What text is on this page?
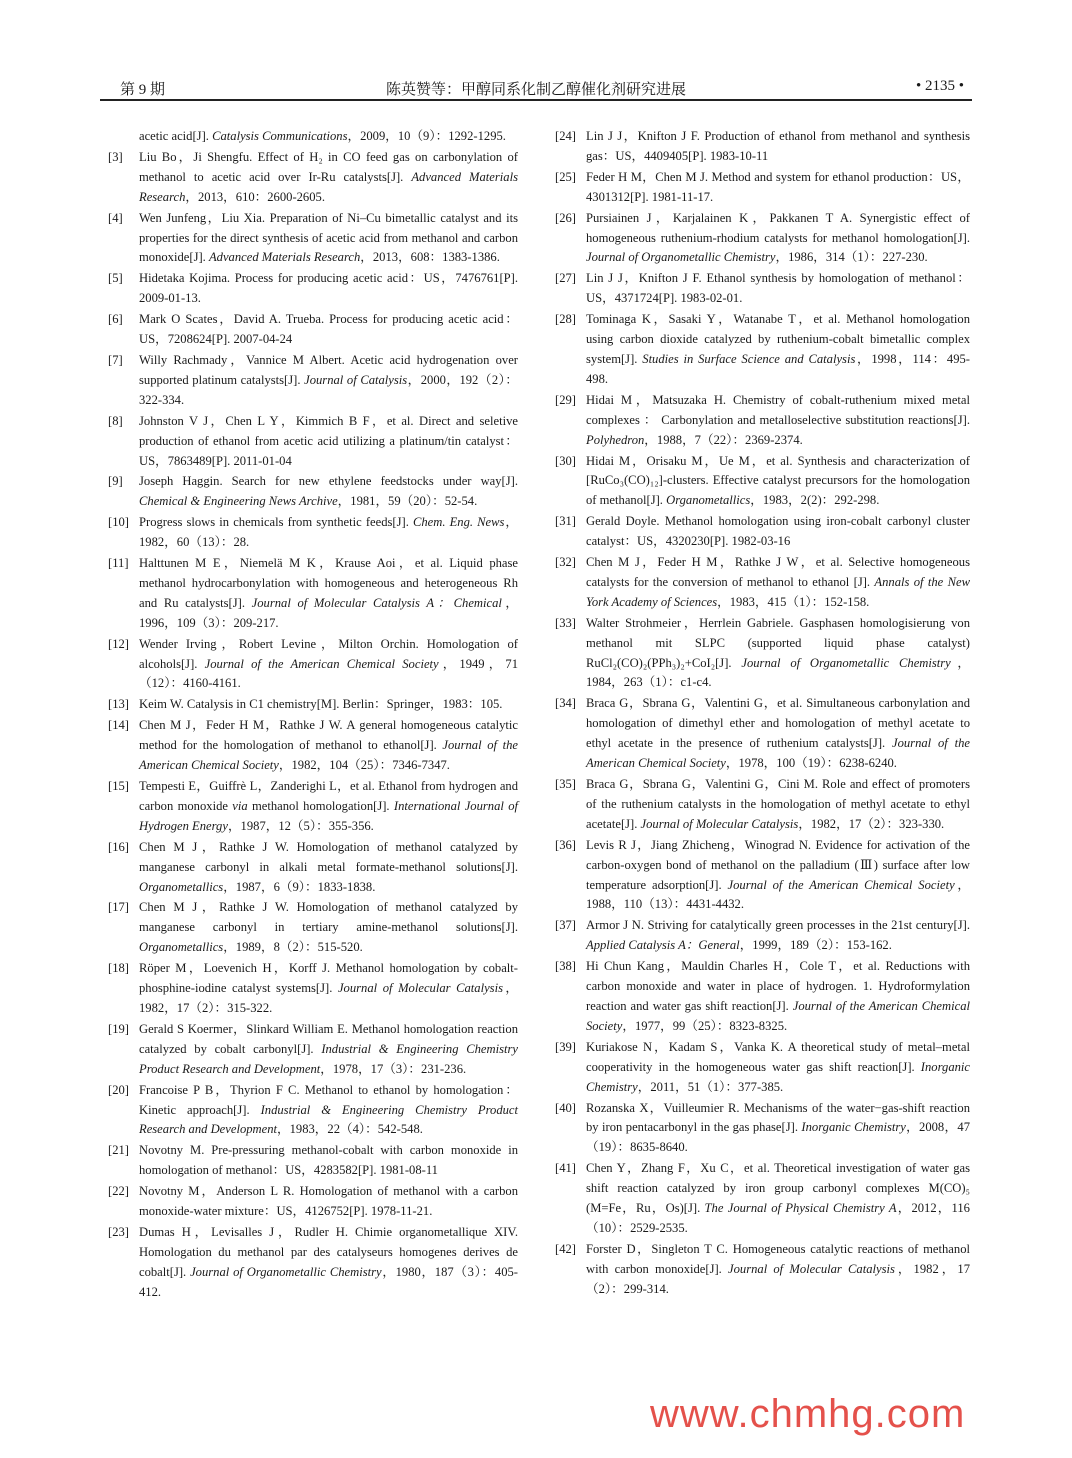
第 9 期	陈英赞等：甲醇同系化制乙醇催化剂研究进展	• 2135 •
acetic acid[J]. Catalysis Communications，2009，10（9）：1292-1295.
[3] Liu Bo，Ji Shengfu. Effect of H₂ in CO feed gas on carbonylation of methanol to acetic acid over Ir-Ru catalysts[J]. Advanced Materials Research，2013，610：2600-2605.
[4] Wen Junfeng，Liu Xia. Preparation of Ni–Cu bimetallic catalyst and its properties for the direct synthesis of acetic acid from methanol and carbon monoxide[J]. Advanced Materials Research，2013，608：1383-1386.
[5] Hidetaka Kojima. Process for producing acetic acid：US，7476761[P]. 2009-01-13.
[6] Mark O Scates，David A. Trueba. Process for producing acetic acid：US，7208624[P]. 2007-04-24
[7] Willy Rachmady，Vannice M Albert. Acetic acid hydrogenation over supported platinum catalysts[J]. Journal of Catalysis，2000，192（2）：322-334.
[8] Johnston V J，Chen L Y，Kimmich B F，et al. Direct and seletive production of ethanol from acetic acid utilizing a platinum/tin catalyst：US，7863489[P]. 2011-01-04
[9] Joseph Haggin. Search for new ethylene feedstocks under way[J]. Chemical & Engineering News Archive，1981，59（20）：52-54.
[10] Progress slows in chemicals from synthetic feeds[J]. Chem. Eng. News，1982，60（13）：28.
[11] Halttunen M E，Niemelä M K，Krause Aoi，et al. Liquid phase methanol hydrocarbonylation with homogeneous and heterogeneous Rh and Ru catalysts[J]. Journal of Molecular Catalysis A：Chemical，1996，109（3）：209-217.
[12] Wender Irving，Robert Levine，Milton Orchin. Homologation of alcohols[J]. Journal of the American Chemical Society，1949，71（12）：4160-4161.
[13] Keim W. Catalysis in C1 chemistry[M]. Berlin：Springer，1983：105.
[14] Chen M J，Feder H M，Rathke J W. A general homogeneous catalytic method for the homologation of methanol to ethanol[J]. Journal of the American Chemical Society，1982，104（25）：7346-7347.
[15] Tempesti E，Guiffrè L，Zanderighi L，et al. Ethanol from hydrogen and carbon monoxide via methanol homologation[J]. International Journal of Hydrogen Energy，1987，12（5）：355-356.
[16] Chen M J，Rathke J W. Homologation of methanol catalyzed by manganese carbonyl in alkali metal formate-methanol solutions[J]. Organometallics，1987，6（9）：1833-1838.
[17] Chen M J，Rathke J W. Homologation of methanol catalyzed by manganese carbonyl in tertiary amine-methanol solutions[J]. Organometallics，1989，8（2）：515-520.
[18] Röper M，Loevenich H，Korff J. Methanol homologation by cobalt-phosphine-iodine catalyst systems[J]. Journal of Molecular Catalysis，1982，17（2）：315-322.
[19] Gerald S Koermer，Slinkard William E. Methanol homologation reaction catalyzed by cobalt carbonyl[J]. Industrial & Engineering Chemistry Product Research and Development，1978，17（3）：231-236.
[20] Francoise P B，Thyrion F C. Methanol to ethanol by homologation：Kinetic approach[J]. Industrial & Engineering Chemistry Product Research and Development，1983，22（4）：542-548.
[21] Novotny M. Pre-pressuring methanol-cobalt with carbon monoxide in homologation of methanol：US，4283582[P]. 1981-08-11
[22] Novotny M，Anderson L R. Homologation of methanol with a carbon monoxide-water mixture：US，4126752[P]. 1978-11-21.
[23] Dumas H，Levisalles J，Rudler H. Chimie organometallique XIV. Homologation du methanol par des catalyseurs homogenes derives de cobalt[J]. Journal of Organometallic Chemistry，1980，187（3）：405-412.
[24] Lin J J，Knifton J F. Production of ethanol from methanol and synthesis gas：US，4409405[P]. 1983-10-11
[25] Feder H M，Chen M J. Method and system for ethanol production：US，4301312[P]. 1981-11-17.
[26] Pursiainen J，Karjalainen K，Pakkanen T A. Synergistic effect of homogeneous ruthenium-rhodium catalysts for methanol homologation[J]. Journal of Organometallic Chemistry，1986，314（1）：227-230.
[27] Lin J J，Knifton J F. Ethanol synthesis by homologation of methanol：US，4371724[P]. 1983-02-01.
[28] Tominaga K，Sasaki Y，Watanabe T，et al. Methanol homologation using carbon dioxide catalyzed by ruthenium-cobalt bimetallic complex system[J]. Studies in Surface Science and Catalysis，1998，114：495-498.
[29] Hidai M，Matsuzaka H. Chemistry of cobalt-ruthenium mixed metal complexes ： Carbonylation and metalloselective substitution reactions[J]. Polyhedron，1988，7（22）：2369-2374.
[30] Hidai M，Orisaku M，Ue M，et al. Synthesis and characterization of [RuCo₃(CO)₁₂]-clusters. Effective catalyst precursors for the homologation of methanol[J]. Organometallics，1983，2(2)：292-298.
[31] Gerald Doyle. Methanol homologation using iron-cobalt carbonyl cluster catalyst：US，4320230[P]. 1982-03-16
[32] Chen M J，Feder H M，Rathke J W，et al. Selective homogeneous catalysts for the conversion of methanol to ethanol [J]. Annals of the New York Academy of Sciences，1983，415（1）：152-158.
[33] Walter Strohmeier，Herrlein Gabriele. Gasphasen homologisierung von methanol mit SLPC (supported liquid phase catalyst) RuCl₂(CO)₂(PPh₃)₂+CoI₂[J]. Journal of Organometallic Chemistry，1984，263（1）：c1-c4.
[34] Braca G，Sbrana G，Valentini G，et al. Simultaneous carbonylation and homologation of dimethyl ether and homologation of methyl acetate to ethyl acetate in the presence of ruthenium catalysts[J]. Journal of the American Chemical Society，1978，100（19）：6238-6240.
[35] Braca G，Sbrana G，Valentini G，Cini M. Role and effect of promoters of the ruthenium catalysts in the homologation of methyl acetate to ethyl acetate[J]. Journal of Molecular Catalysis，1982，17（2）：323-330.
[36] Levis R J，Jiang Zhicheng，Winograd N. Evidence for activation of the carbon-oxygen bond of methanol on the palladium (Ⅲ) surface after low temperature adsorption[J]. Journal of the American Chemical Society，1988，110（13）：4431-4432.
[37] Armor J N. Striving for catalytically green processes in the 21st century[J]. Applied Catalysis A：General，1999，189（2）：153-162.
[38] Hi Chun Kang，Mauldin Charles H，Cole T，et al. Reductions with carbon monoxide and water in place of hydrogen. 1. Hydroformylation reaction and water gas shift reaction[J]. Journal of the American Chemical Society，1977，99（25）：8323-8325.
[39] Kuriakose N，Kadam S，Vanka K. A theoretical study of metal–metal cooperativity in the homogeneous water gas shift reaction[J]. Inorganic Chemistry，2011，51（1）：377-385.
[40] Rozanska X，Vuilleumier R. Mechanisms of the water−gas-shift reaction by iron pentacarbonyl in the gas phase[J]. Inorganic Chemistry，2008，47（19）：8635-8640.
[41] Chen Y，Zhang F，Xu C，et al. Theoretical investigation of water gas shift reaction catalyzed by iron group carbonyl complexes M(CO)₅ (M=Fe，Ru，Os)[J]. The Journal of Physical Chemistry A，2012，116（10）：2529-2535.
[42] Forster D，Singleton T C. Homogeneous catalytic reactions of methanol with carbon monoxide[J]. Journal of Molecular Catalysis，1982，17（2）：299-314.
www.chmhg.com
